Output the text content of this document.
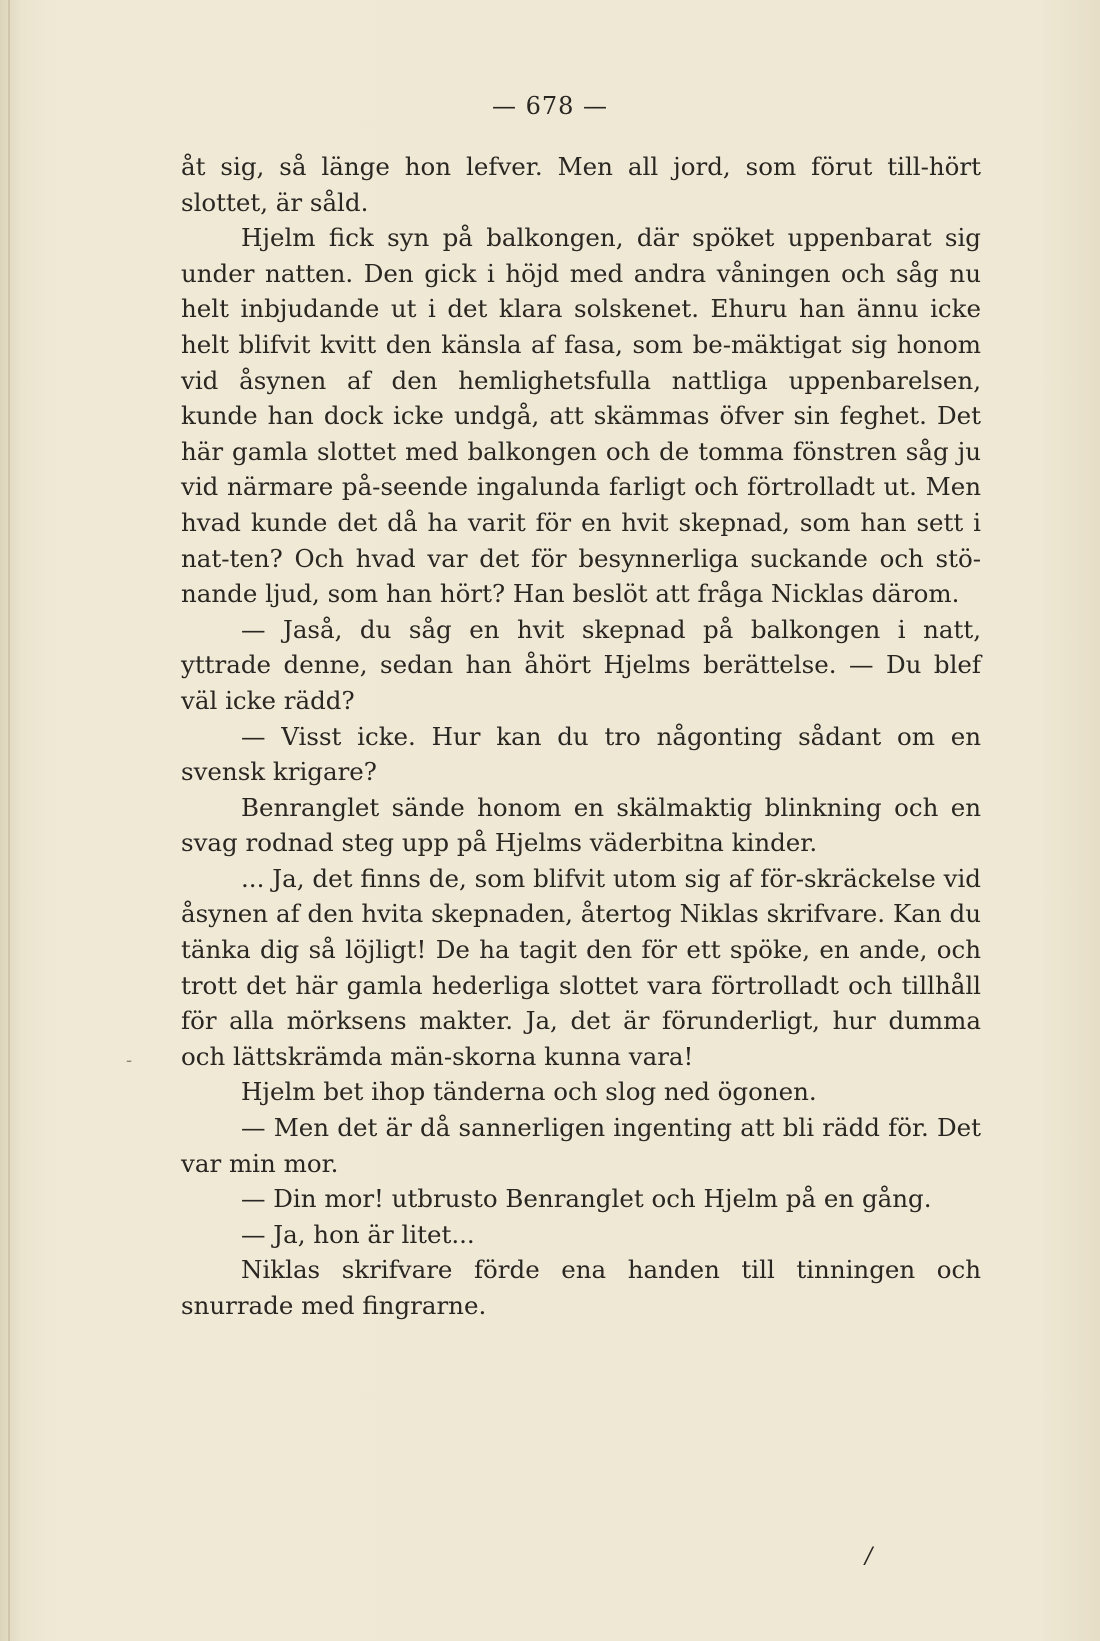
— 678 —

åt sig, så länge hon lefver. Men all jord, som förut till-hört slottet, är såld.

Hjelm fick syn på balkongen, där spöket uppenbarat sig under natten. Den gick i höjd med andra våningen och såg nu helt inbjudande ut i det klara solskenet. Ehuru han ännu icke helt blifvit kvitt den känsla af fasa, som be-mäktigat sig honom vid åsynen af den hemlighetsfulla nattliga uppenbarelsen, kunde han dock icke undgå, att skämmas öfver sin feghet. Det här gamla slottet med balkongen och de tomma fönstren såg ju vid närmare på-seende ingalunda farligt och förtrolladt ut. Men hvad kunde det då ha varit för en hvit skepnad, som han sett i nat-ten? Och hvad var det för besynnerliga suckande och stö-nande ljud, som han hört? Han beslöt att fråga Nicklas därom.

— Jaså, du såg en hvit skepnad på balkongen i natt, yttrade denne, sedan han åhört Hjelms berättelse. — Du blef väl icke rädd?

— Visst icke. Hur kan du tro någonting sådant om en svensk krigare?

Benranglet sände honom en skälmaktig blinkning och en svag rodnad steg upp på Hjelms väderbitna kinder.

... Ja, det finns de, som blifvit utom sig af för-skräckelse vid åsynen af den hvita skepnaden, återtog Niklas skrifvare. Kan du tänka dig så löjligt! De ha tagit den för ett spöke, en ande, och trott det här gamla hederliga slottet vara förtrolladt och tillhåll för alla mörksens makter. Ja, det är förunderligt, hur dumma och lättskrämda män-skorna kunna vara!

Hjelm bet ihop tänderna och slog ned ögonen.

— Men det är då sannerligen ingenting att bli rädd för. Det var min mor.

— Din mor! utbrusto Benranglet och Hjelm på en gång.

— Ja, hon är litet...

Niklas skrifvare förde ena handen till tinningen och snurrade med fingrarne.

-
/
